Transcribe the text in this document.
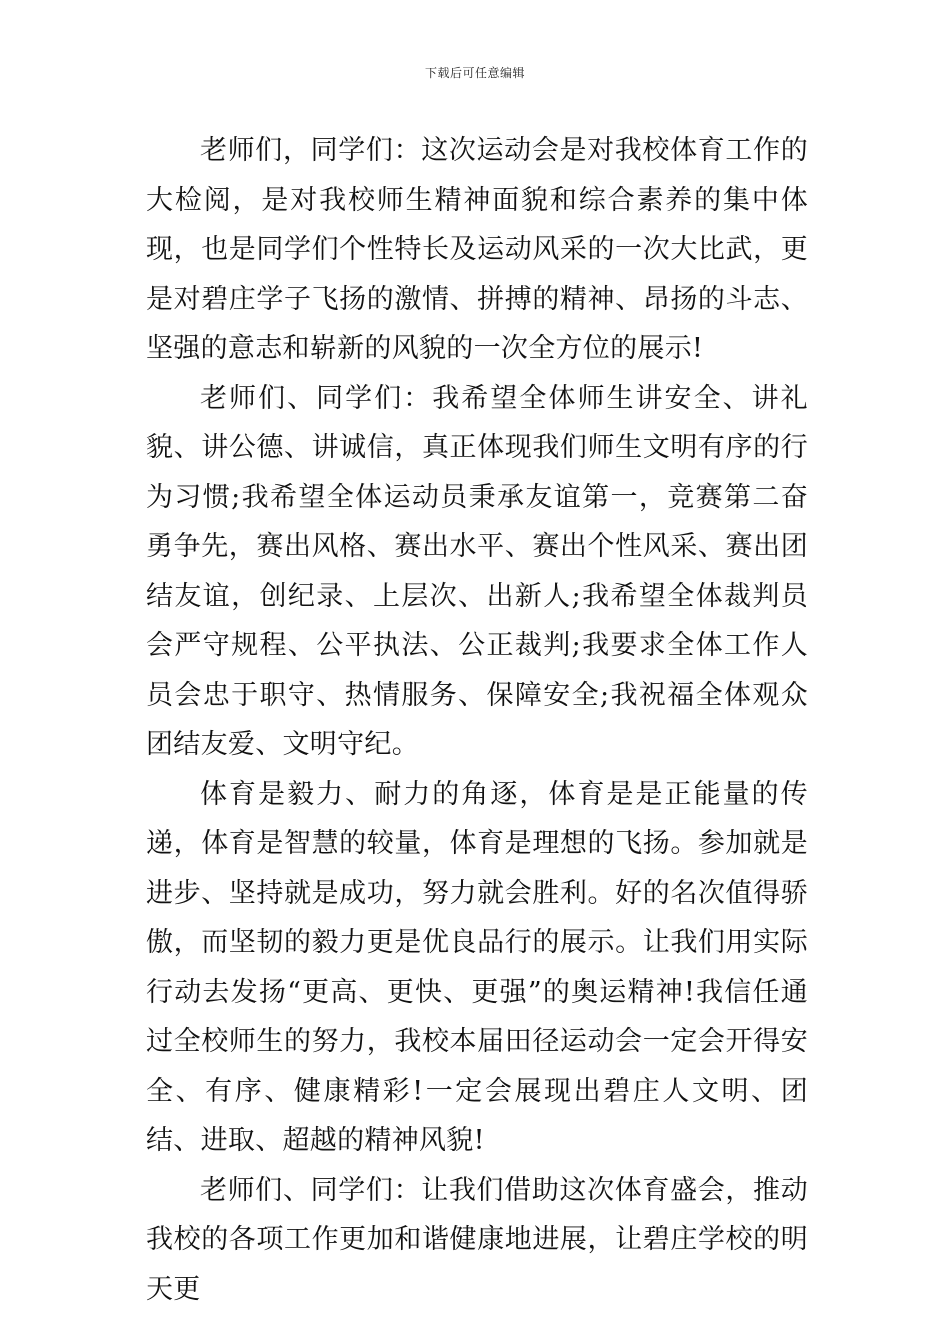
下载后可任意编辑

老师们，同学们：这次运动会是对我校体育工作的大检阅，是对我校师生精神面貌和综合素养的集中体现，也是同学们个性特长及运动风采的一次大比武，更是对碧庄学子飞扬的激情、拼搏的精神、昂扬的斗志、坚强的意志和崭新的风貌的一次全方位的展示!

老师们、同学们：我希望全体师生讲安全、讲礼貌、讲公德、讲诚信，真正体现我们师生文明有序的行为习惯;我希望全体运动员秉承友谊第一，竞赛第二奋勇争先，赛出风格、赛出水平、赛出个性风采、赛出团结友谊，创纪录、上层次、出新人;我希望全体裁判员会严守规程、公平执法、公正裁判;我要求全体工作人员会忠于职守、热情服务、保障安全;我祝福全体观众团结友爱、文明守纪。

体育是毅力、耐力的角逐，体育是是正能量的传递，体育是智慧的较量，体育是理想的飞扬。参加就是进步、坚持就是成功，努力就会胜利。好的名次值得骄傲，而坚韧的毅力更是优良品行的展示。让我们用实际行动去发扬“更高、更快、更强”的奥运精神!我信任通过全校师生的努力，我校本届田径运动会一定会开得安全、有序、健康精彩!一定会展现出碧庄人文明、团结、进取、超越的精神风貌!

老师们、同学们：让我们借助这次体育盛会，推动我校的各项工作更加和谐健康地进展，让碧庄学校的明天更
